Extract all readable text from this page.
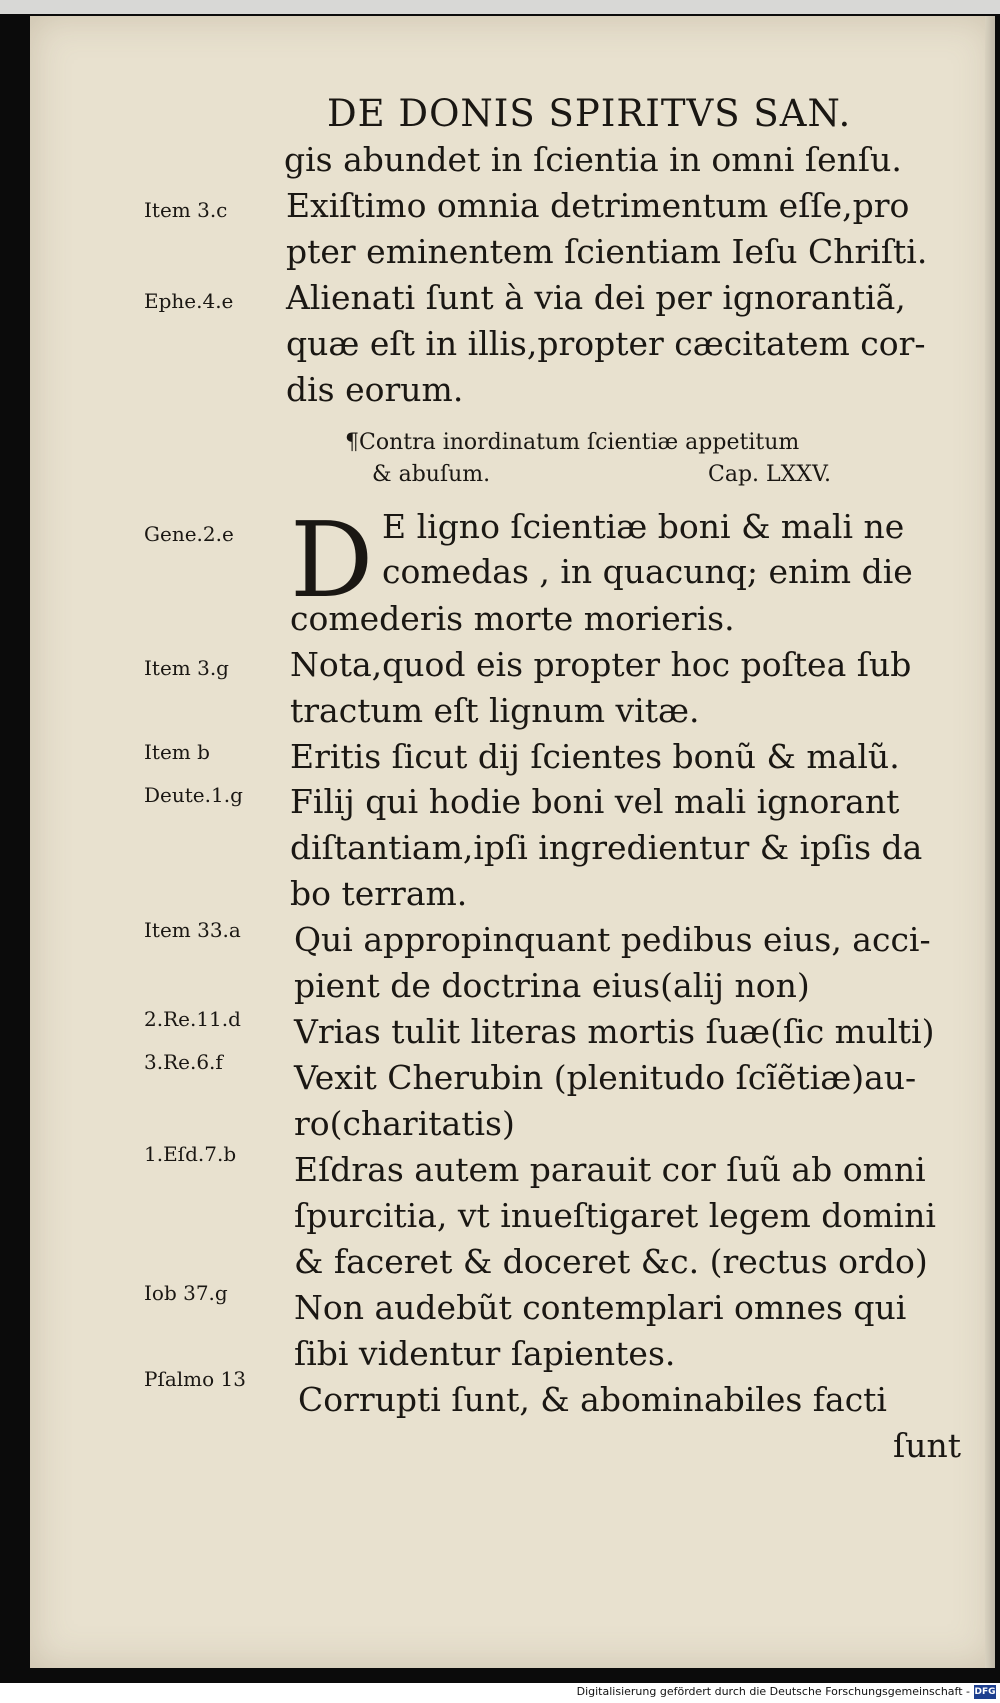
DE DONIS SPIRITVS SAN.
gis abundet in ſcientia in omni ſenſu.
Exiſtimo omnia detrimentum eſſe,pro
pter eminentem ſcientiam Ieſu Chriſti.
Alienati ſunt à via dei per ignorantiã,
quæ eſt in illis,propter cæcitatem cor-
dis eorum.
¶Contra inordinatum ſcientiæ appetitum
& abuſum.	Cap. LXXV.
D E ligno ſcientiæ boni & mali ne
comedas , in quacunq; enim die
comederis morte morieris.
Nota,quod eis propter hoc poſtea ſub
tractum eſt lignum vitæ.
Eritis ſicut dij ſcientes bonũ & malũ.
Filij qui hodie boni vel mali ignorant
diſtantiam,ipſi ingredientur & ipſis da
bo terram.
Qui appropinquant pedibus eius, acci-
pient de doctrina eius(alij non)
Vrias tulit literas mortis ſuæ(ſic multi)
Vexit Cherubin (plenitudo ſcĩẽtiæ)au-
ro(charitatis)
Eſdras autem parauit cor ſuũ ab omni
ſpurcitia, vt inueſtigaret legem domini
& faceret & doceret &c. (rectus ordo)
Non audebũt contemplari omnes qui
ſibi videntur ſapientes.
Corrupti ſunt, & abominabiles facti
ſunt
Item 3.c
Ephe.4.e
Gene.2.e
Item 3.g
Item b
Deute.1.g
Item 33.a
2.Re.11.d
3.Re.6.f
1.Eſd.7.b
Iob 37.g
Pſalmo 13
Digitalisierung gefördert durch die Deutsche Forschungsgemeinschaft - DFG
